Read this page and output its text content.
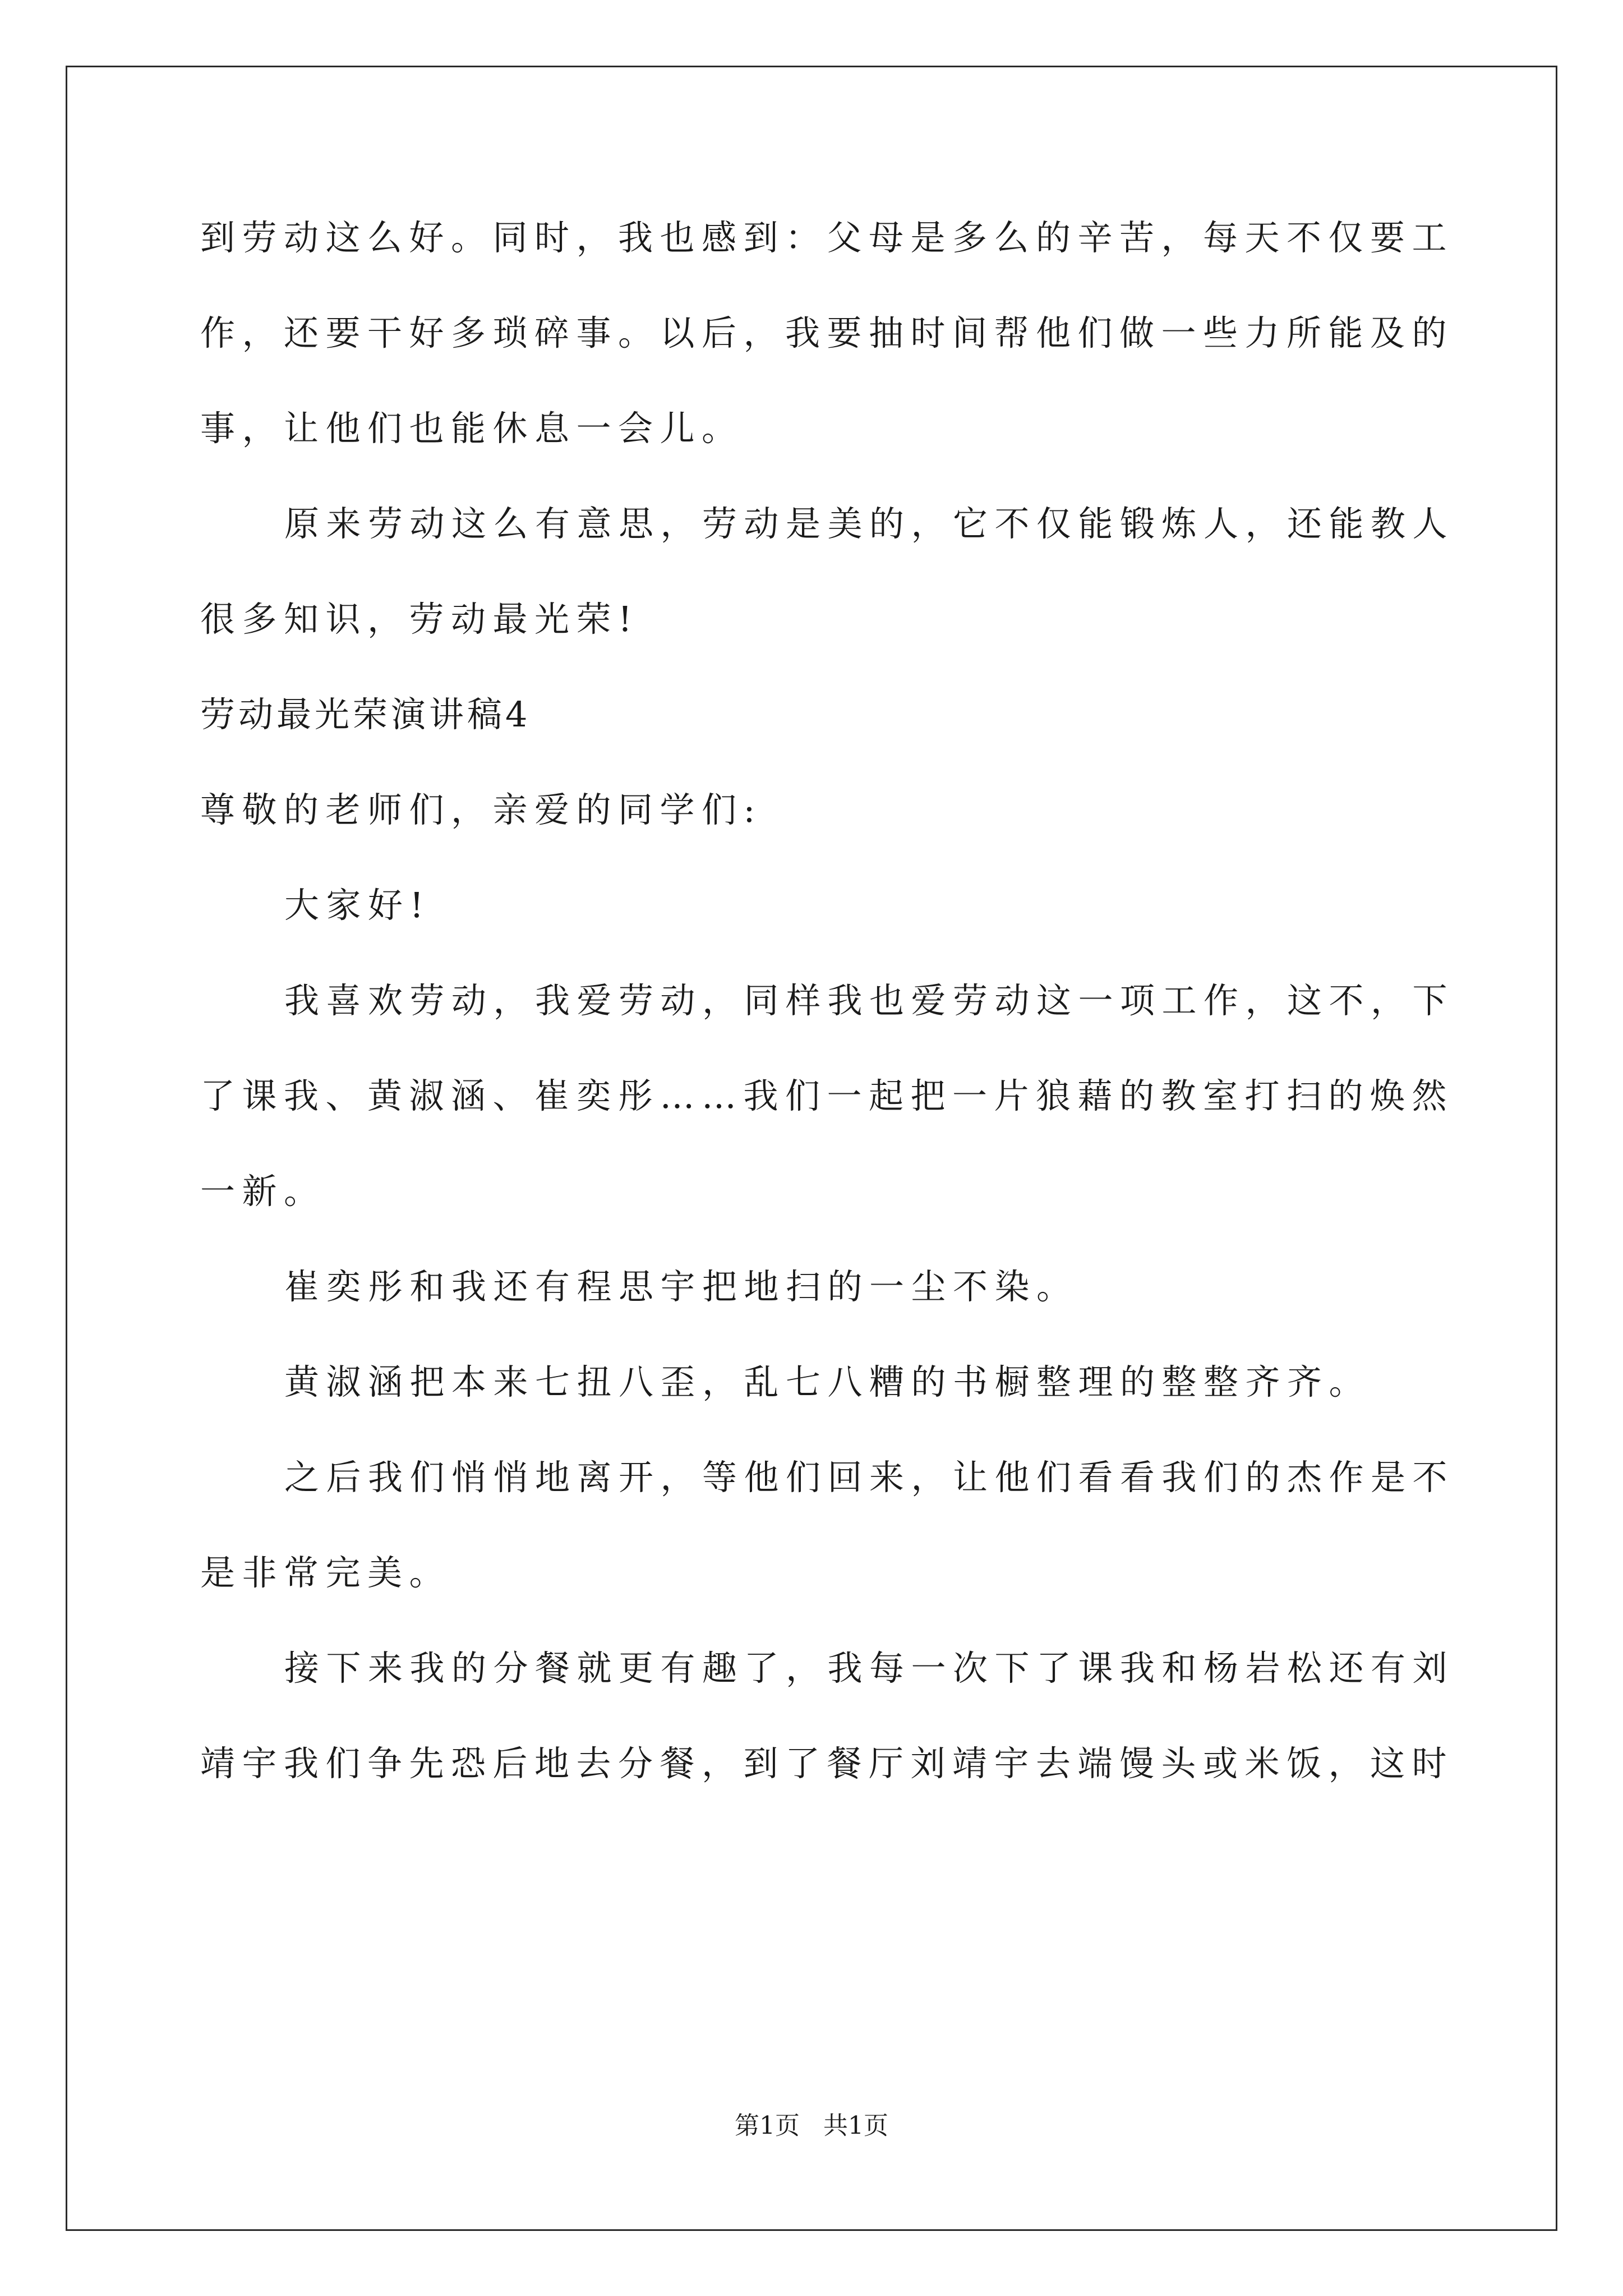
到劳动这么好。同时，我也感到：父母是多么的辛苦，每天不仅要工
作，还要干好多琐碎事。以后，我要抽时间帮他们做一些力所能及的
事，让他们也能休息一会儿。
原来劳动这么有意思，劳动是美的，它不仅能锻炼人，还能教人
很多知识，劳动最光荣!
劳动最光荣演讲稿4
尊敬的老师们，亲爱的同学们:
大家好!
我喜欢劳动，我爱劳动，同样我也爱劳动这一项工作，这不，下
了课我、黄淑涵、崔奕彤……我们一起把一片狼藉的教室打扫的焕然
一新。
崔奕彤和我还有程思宇把地扫的一尘不染。
黄淑涵把本来七扭八歪，乱七八糟的书橱整理的整整齐齐。
之后我们悄悄地离开，等他们回来，让他们看看我们的杰作是不
是非常完美。
接下来我的分餐就更有趣了，我每一次下了课我和杨岩松还有刘
靖宇我们争先恐后地去分餐，到了餐厅刘靖宇去端馒头或米饭，这时
第1页   共1页
